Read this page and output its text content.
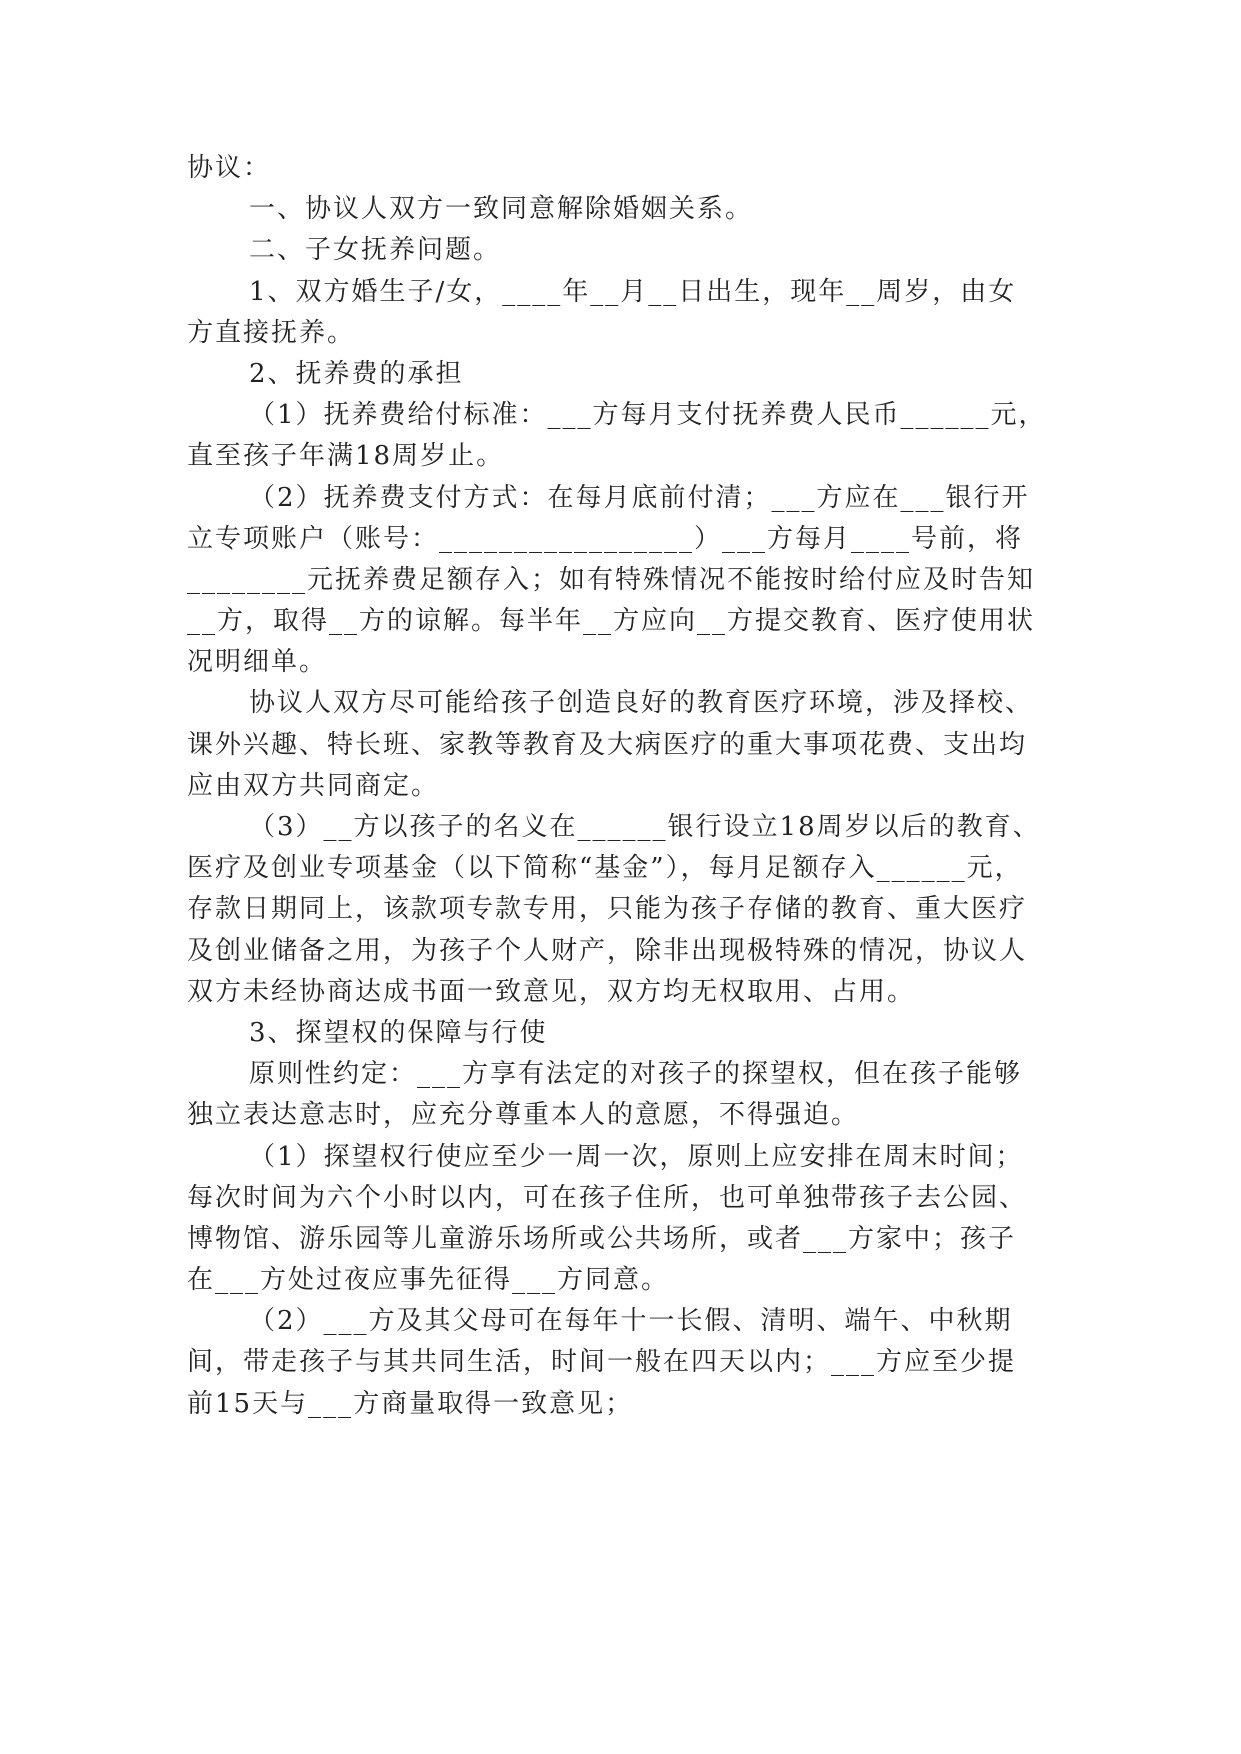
协议：
一、协议人双方一致同意解除婚姻关系。
二、子女抚养问题。
1、双方婚生子/女，____年__月__日出生，现年__周岁，由女
方直接抚养。
2、抚养费的承担
（1）抚养费给付标准：___方每月支付抚养费人民币______元，
直至孩子年满18周岁止。
（2）抚养费支付方式：在每月底前付清；___方应在___银行开
立专项账户（账号：_________________）___方每月____号前，将
________元抚养费足额存入；如有特殊情况不能按时给付应及时告知
__方，取得__方的谅解。每半年__方应向__方提交教育、医疗使用状
况明细单。
协议人双方尽可能给孩子创造良好的教育医疗环境，涉及择校、
课外兴趣、特长班、家教等教育及大病医疗的重大事项花费、支出均
应由双方共同商定。
（3）__方以孩子的名义在______银行设立18周岁以后的教育、
医疗及创业专项基金（以下简称“基金”），每月足额存入______元，
存款日期同上，该款项专款专用，只能为孩子存储的教育、重大医疗
及创业储备之用，为孩子个人财产，除非出现极特殊的情况，协议人
双方未经协商达成书面一致意见，双方均无权取用、占用。
3、探望权的保障与行使
原则性约定：___方享有法定的对孩子的探望权，但在孩子能够
独立表达意志时，应充分尊重本人的意愿，不得强迫。
（1）探望权行使应至少一周一次，原则上应安排在周末时间；
每次时间为六个小时以内，可在孩子住所，也可单独带孩子去公园、
博物馆、游乐园等儿童游乐场所或公共场所，或者___方家中；孩子
在___方处过夜应事先征得___方同意。
（2）___方及其父母可在每年十一长假、清明、端午、中秋期
间，带走孩子与其共同生活，时间一般在四天以内；___方应至少提
前15天与___方商量取得一致意见；
